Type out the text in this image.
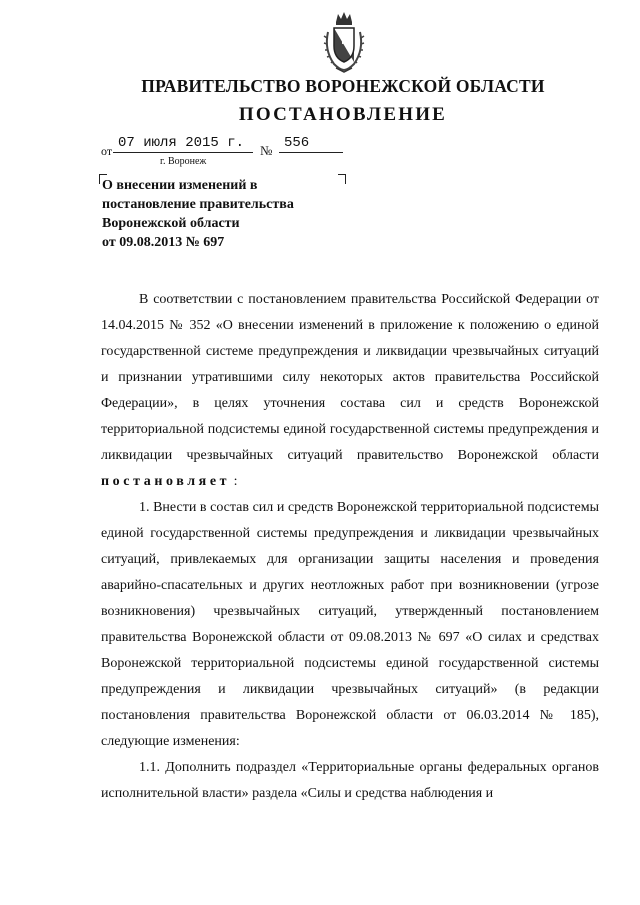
ПРАВИТЕЛЬСТВО ВОРОНЕЖСКОЙ ОБЛАСТИ
ПОСТАНОВЛЕНИЕ
от 07 июля 2015 г. № 556
г. Воронеж
О внесении изменений в
постановление правительства
Воронежской области
от 09.08.2013 № 697

В соответствии с постановлением правительства Российской Федерации от 14.04.2015 № 352 «О внесении изменений в приложение к положению о единой государственной системе предупреждения и ликвидации чрезвычайных ситуаций и признании утратившими силу некоторых актов правительства Российской Федерации», в целях уточнения состава сил и средств Воронежской территориальной подсистемы единой государственной системы предупреждения и ликвидации чрезвычайных ситуаций правительство Воронежской области постановляет :

1. Внести в состав сил и средств Воронежской территориальной подсистемы единой государственной системы предупреждения и ликвидации чрезвычайных ситуаций, привлекаемых для организации защиты населения и проведения аварийно-спасательных и других неотложных работ при возникновении (угрозе возникновения) чрезвычайных ситуаций, утвержденный постановлением правительства Воронежской области от 09.08.2013 № 697 «О силах и средствах Воронежской территориальной подсистемы единой государственной системы предупреждения и ликвидации чрезвычайных ситуаций» (в редакции постановления правительства Воронежской области от 06.03.2014 № 185), следующие изменения:

1.1. Дополнить подраздел «Территориальные органы федеральных органов исполнительной власти» раздела «Силы и средства наблюдения и
